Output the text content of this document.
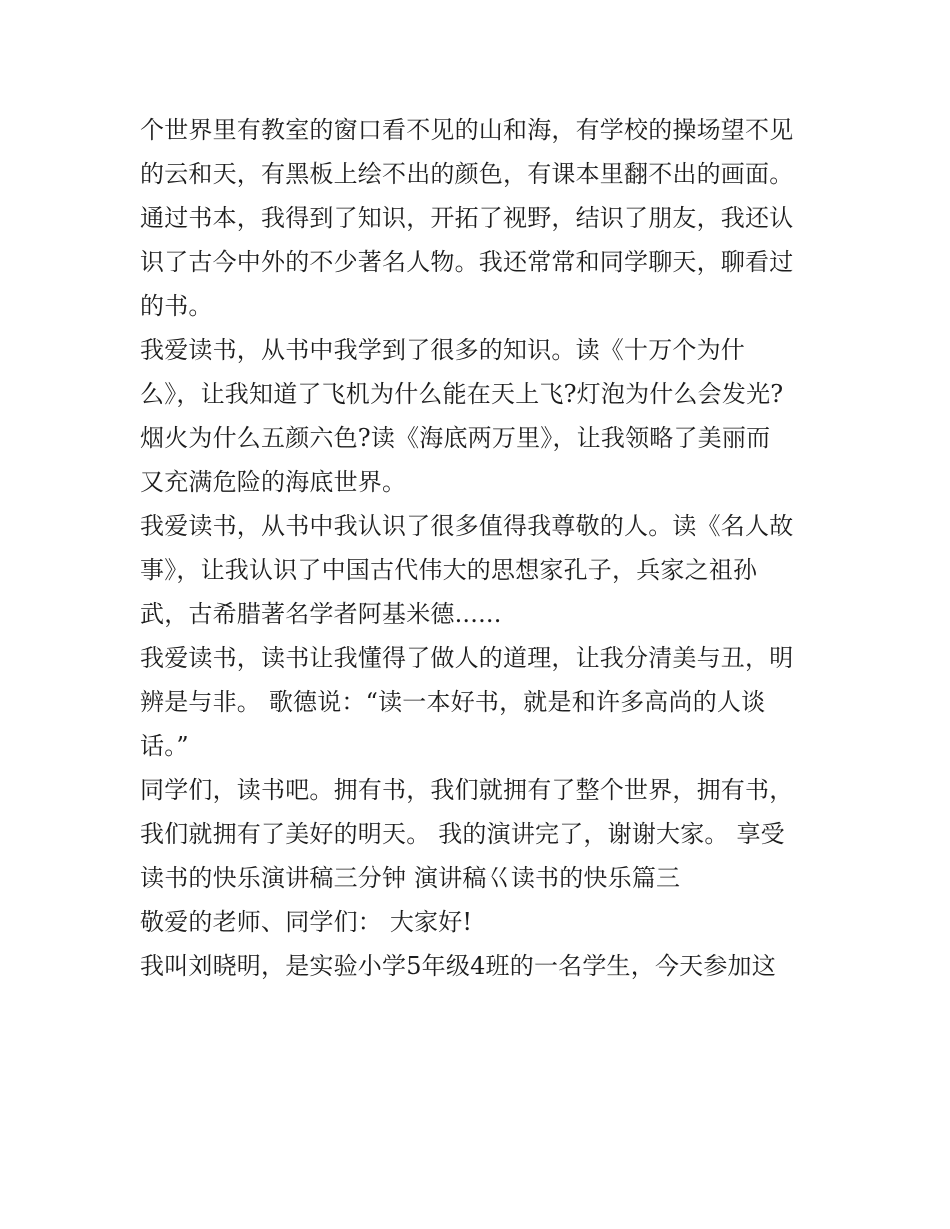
个世界里有教室的窗口看不见的山和海，有学校的操场望不见

的云和天，有黑板上绘不出的颜色，有课本里翻不出的画面。

通过书本，我得到了知识，开拓了视野，结识了朋友，我还认

识了古今中外的不少著名人物。我还常常和同学聊天，聊看过

的书。

我爱读书，从书中我学到了很多的知识。读《十万个为什

么》，让我知道了飞机为什么能在天上飞?灯泡为什么会发光?

烟火为什么五颜六色?读《海底两万里》，让我领略了美丽而

又充满危险的海底世界。

我爱读书，从书中我认识了很多值得我尊敬的人。读《名人故

事》，让我认识了中国古代伟大的思想家孔子，兵家之祖孙

武，古希腊著名学者阿基米德......

我爱读书，读书让我懂得了做人的道理，让我分清美与丑，明

辨是与非。 歌德说：“读一本好书，就是和许多高尚的人谈

话。”

同学们，读书吧。拥有书，我们就拥有了整个世界，拥有书，

我们就拥有了美好的明天。 我的演讲完了，谢谢大家。 享受

读书的快乐演讲稿三分钟 演讲稿巜读书的快乐篇三

敬爱的老师、同学们： 大家好!

我叫刘晓明，是实验小学5年级4班的一名学生，今天参加这
